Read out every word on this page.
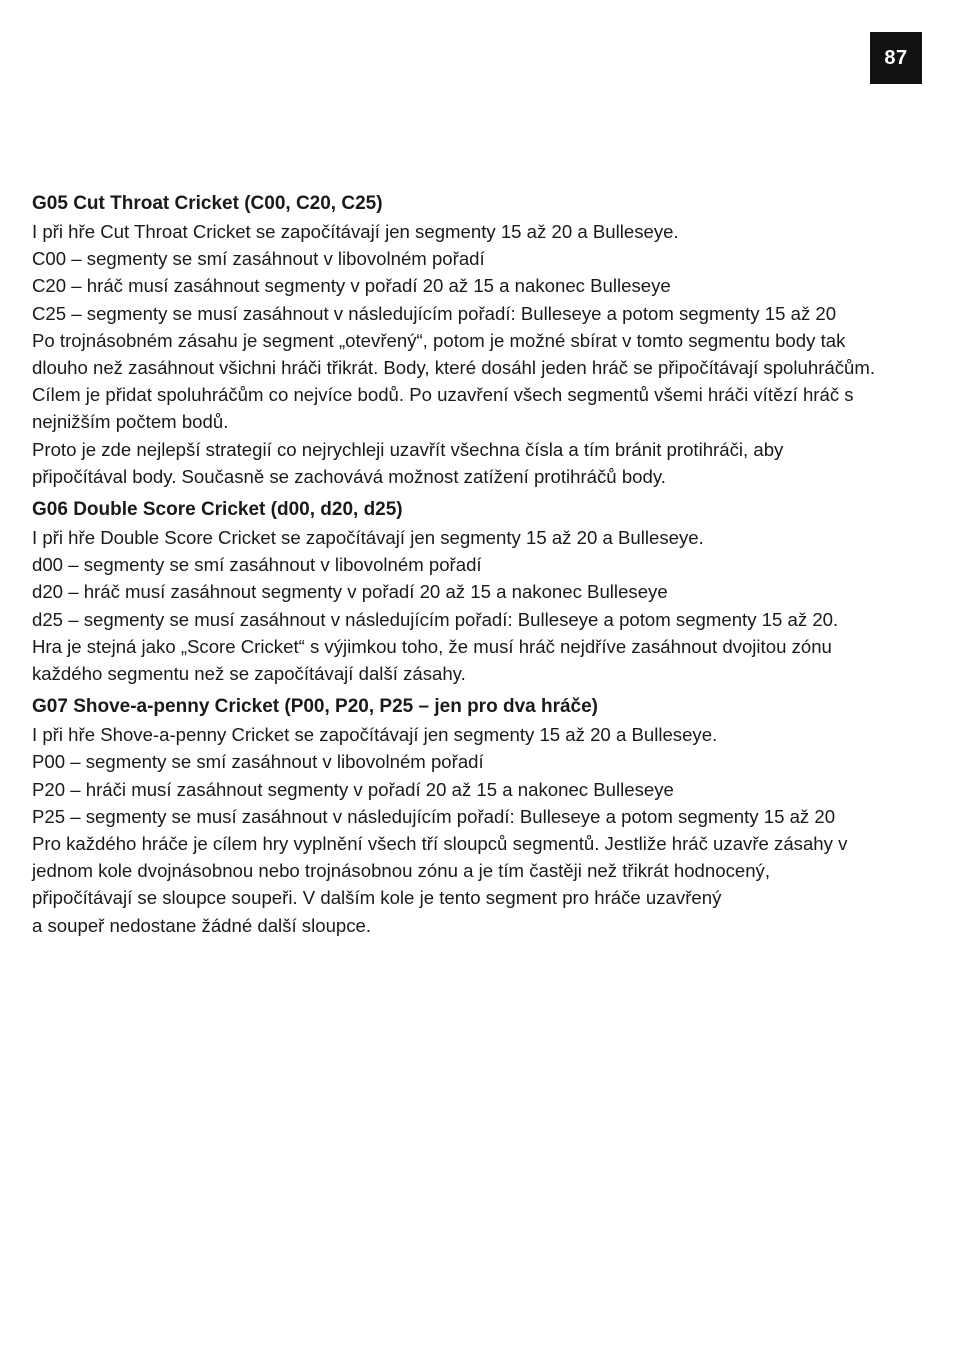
87

G05 Cut Throat Cricket (C00, C20, C25)

I při hře Cut Throat Cricket se započítávají jen segmenty 15 až 20 a Bulleseye.

C00 – segmenty se smí zasáhnout v libovolném pořadí

C20 – hráč musí zasáhnout segmenty v pořadí 20 až 15 a nakonec Bulleseye

C25 – segmenty se musí zasáhnout v následujícím pořadí: Bulleseye a potom segmenty 15 až 20

Po trojnásobném zásahu je segment „otevřený“, potom je možné sbírat v tomto segmentu body tak

dlouho než zasáhnout všichni hráči třikrát. Body, které dosáhl jeden hráč se připočítávají spoluhráčům.

Cílem je přidat spoluhráčům co nejvíce bodů. Po uzavření všech segmentů všemi hráči vítězí hráč s

nejnižším počtem bodů.

Proto je zde nejlepší strategií co nejrychleji uzavřít všechna čísla a tím bránit protihráči, aby

připočítával body. Současně se zachovává možnost zatížení protihráčů body.

G06 Double Score Cricket (d00, d20, d25)

I při hře Double Score Cricket se započítávají jen segmenty 15 až 20 a Bulleseye.

d00 – segmenty se smí zasáhnout v libovolném pořadí

d20 – hráč musí zasáhnout segmenty v pořadí 20 až 15 a nakonec Bulleseye

d25 – segmenty se musí zasáhnout v následujícím pořadí: Bulleseye a potom segmenty 15 až 20.

Hra je stejná jako „Score Cricket“ s výjimkou toho, že musí hráč nejdříve zasáhnout dvojitou zónu

každého segmentu než se započítávají další zásahy.

G07 Shove-a-penny Cricket (P00, P20, P25 – jen pro dva hráče)

I při hře Shove-a-penny Cricket se započítávají jen segmenty 15 až 20 a Bulleseye.

P00 – segmenty se smí zasáhnout v libovolném pořadí

P20 – hráči musí zasáhnout segmenty v pořadí 20 až 15 a nakonec Bulleseye

P25 – segmenty se musí zasáhnout v následujícím pořadí: Bulleseye a potom segmenty 15 až 20

Pro každého hráče je cílem hry vyplnění všech tří sloupců segmentů. Jestliže hráč uzavře zásahy v

jednom kole dvojnásobnou nebo trojnásobnou zónu a je tím častěji než třikrát hodnocený,

připočítávají se sloupce soupeři. V dalším kole je tento segment pro hráče uzavřený

a soupeř nedostane žádné další sloupce.
